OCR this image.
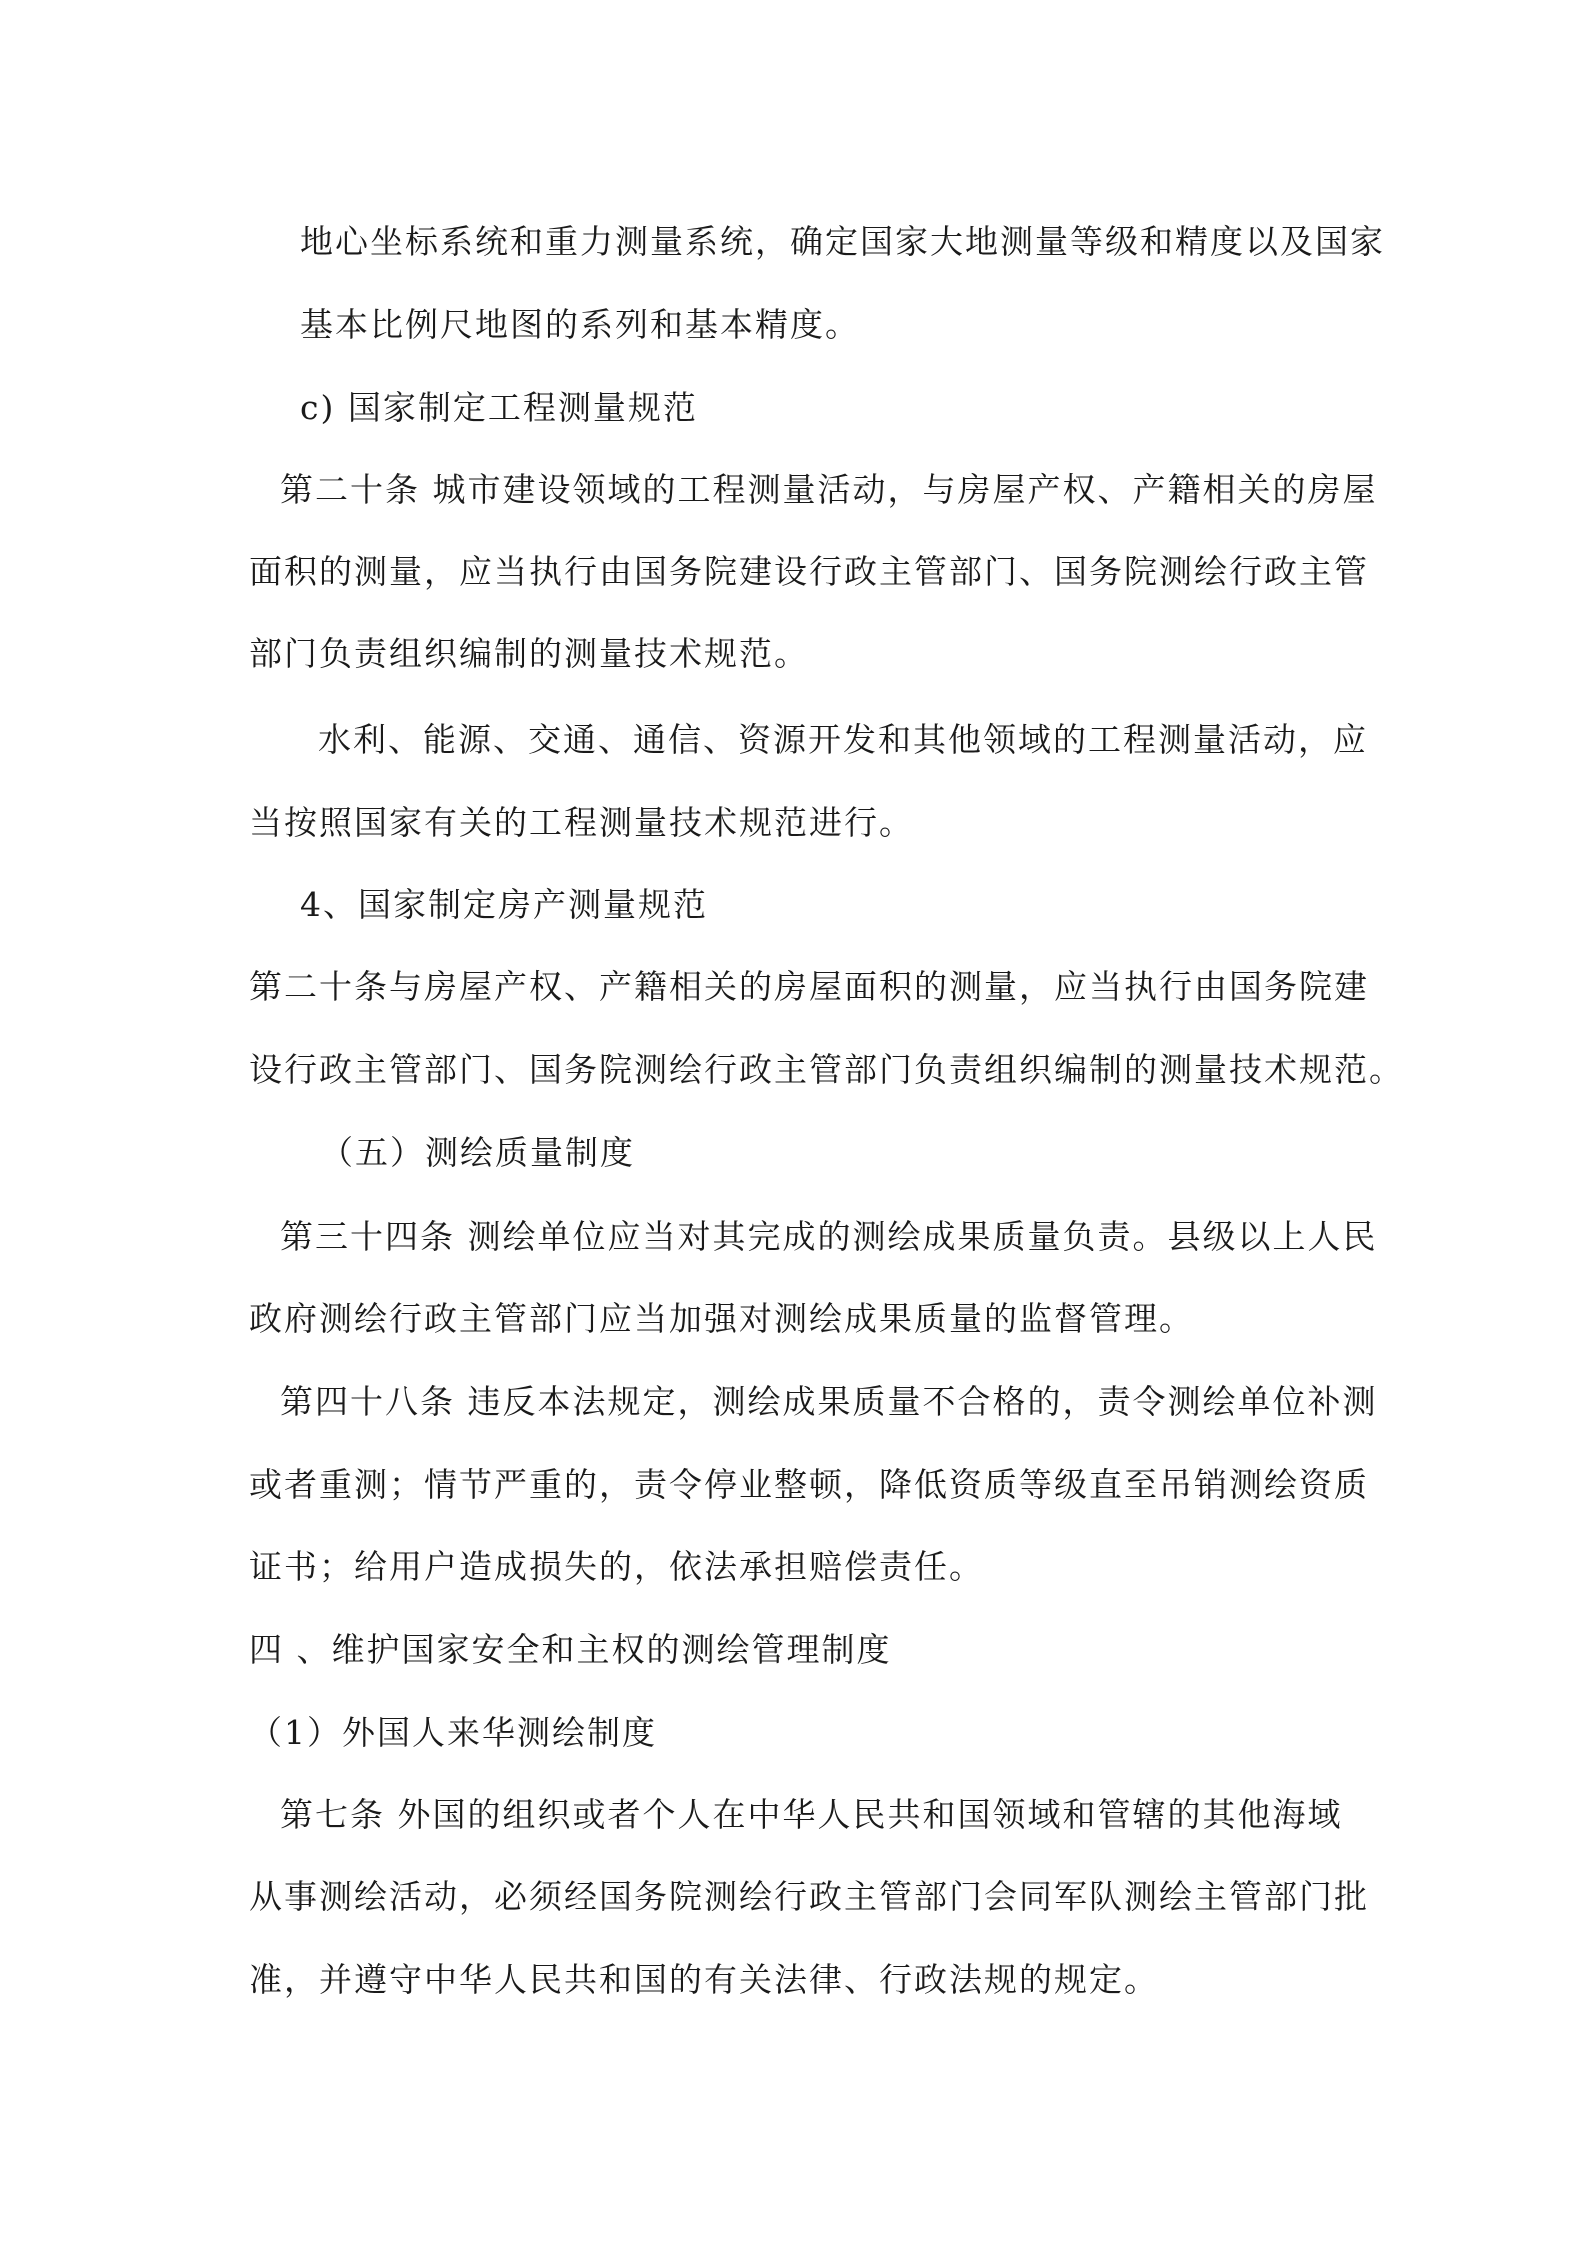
地心坐标系统和重力测量系统，确定国家大地测量等级和精度以及国家
基本比例尺地图的系列和基本精度。
c) 国家制定工程测量规范
第二十条 城市建设领域的工程测量活动，与房屋产权、产籍相关的房屋
面积的测量，应当执行由国务院建设行政主管部门、国务院测绘行政主管
部门负责组织编制的测量技术规范。
水利、能源、交通、通信、资源开发和其他领域的工程测量活动，应
当按照国家有关的工程测量技术规范进行。
4、国家制定房产测量规范
第二十条与房屋产权、产籍相关的房屋面积的测量，应当执行由国务院建
设行政主管部门、国务院测绘行政主管部门负责组织编制的测量技术规范。
（五）测绘质量制度
第三十四条 测绘单位应当对其完成的测绘成果质量负责。县级以上人民
政府测绘行政主管部门应当加强对测绘成果质量的监督管理。
第四十八条 违反本法规定，测绘成果质量不合格的，责令测绘单位补测
或者重测；情节严重的，责令停业整顿，降低资质等级直至吊销测绘资质
证书；给用户造成损失的，依法承担赔偿责任。
四 、维护国家安全和主权的测绘管理制度
（1）外国人来华测绘制度
第七条 外国的组织或者个人在中华人民共和国领域和管辖的其他海域
从事测绘活动，必须经国务院测绘行政主管部门会同军队测绘主管部门批
准，并遵守中华人民共和国的有关法律、行政法规的规定。
